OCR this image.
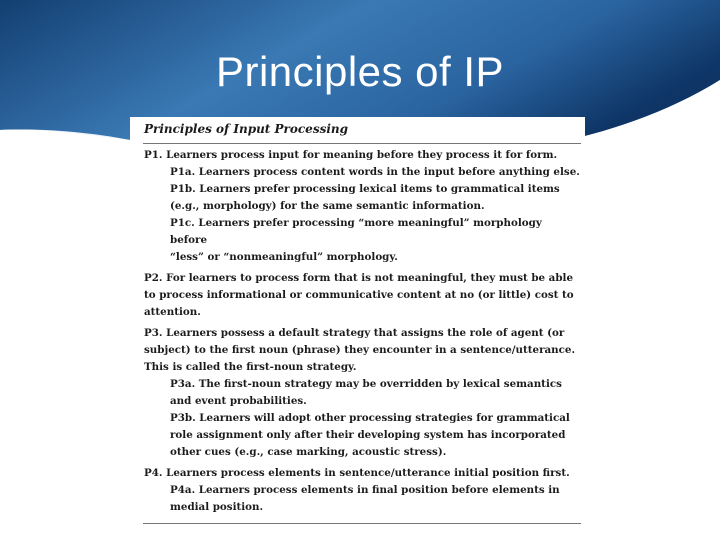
Principles of IP
Principles of Input Processing
P1. Learners process input for meaning before they process it for form.
P1a. Learners process content words in the input before anything else.
P1b. Learners prefer processing lexical items to grammatical items
(e.g., morphology) for the same semantic information.
P1c. Learners prefer processing “more meaningful” morphology before
“less” or “nonmeaningful” morphology.
P2. For learners to process form that is not meaningful, they must be able
to process informational or communicative content at no (or little) cost to
attention.
P3. Learners possess a default strategy that assigns the role of agent (or
subject) to the first noun (phrase) they encounter in a sentence/utterance.
This is called the first-noun strategy.
P3a. The first-noun strategy may be overridden by lexical semantics
and event probabilities.
P3b. Learners will adopt other processing strategies for grammatical
role assignment only after their developing system has incorporated
other cues (e.g., case marking, acoustic stress).
P4. Learners process elements in sentence/utterance initial position first.
P4a. Learners process elements in final position before elements in
medial position.
